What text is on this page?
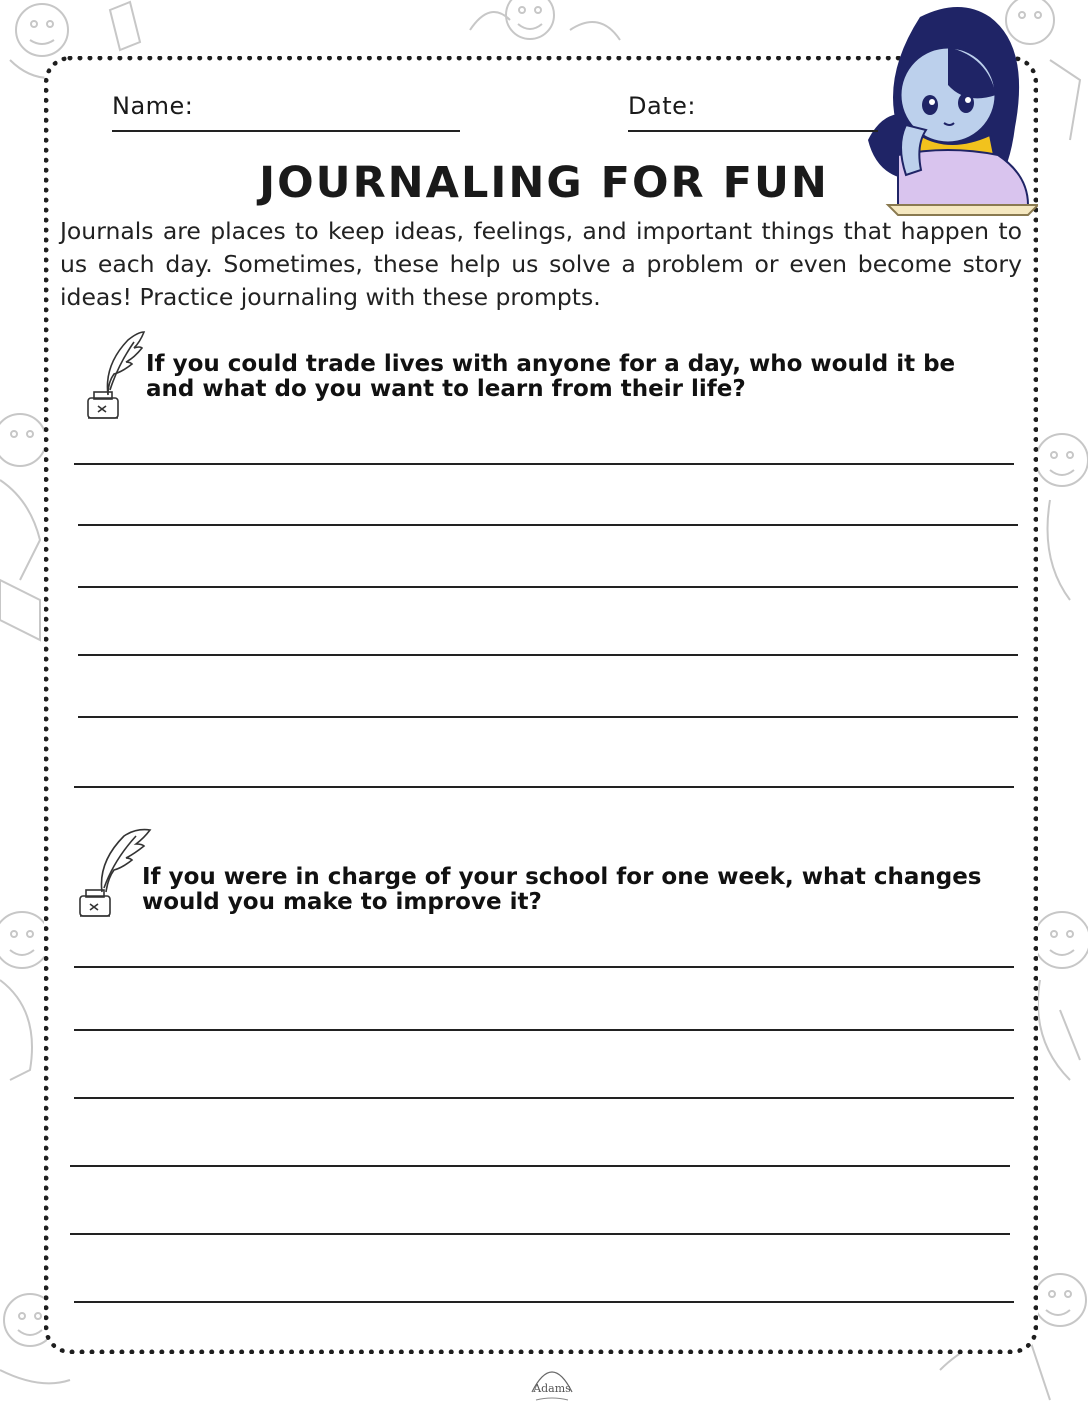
Name:	Date:
JOURNALING FOR FUN
Journals are places to keep ideas, feelings, and important things that happen to us each day. Sometimes, these help us solve a problem or even become story ideas! Practice journaling with these prompts.
If you could trade lives with anyone for a day, who would it be and what do you want to learn from their life?
If you were in charge of your school for one week, what changes would you make to improve it?
Adams
